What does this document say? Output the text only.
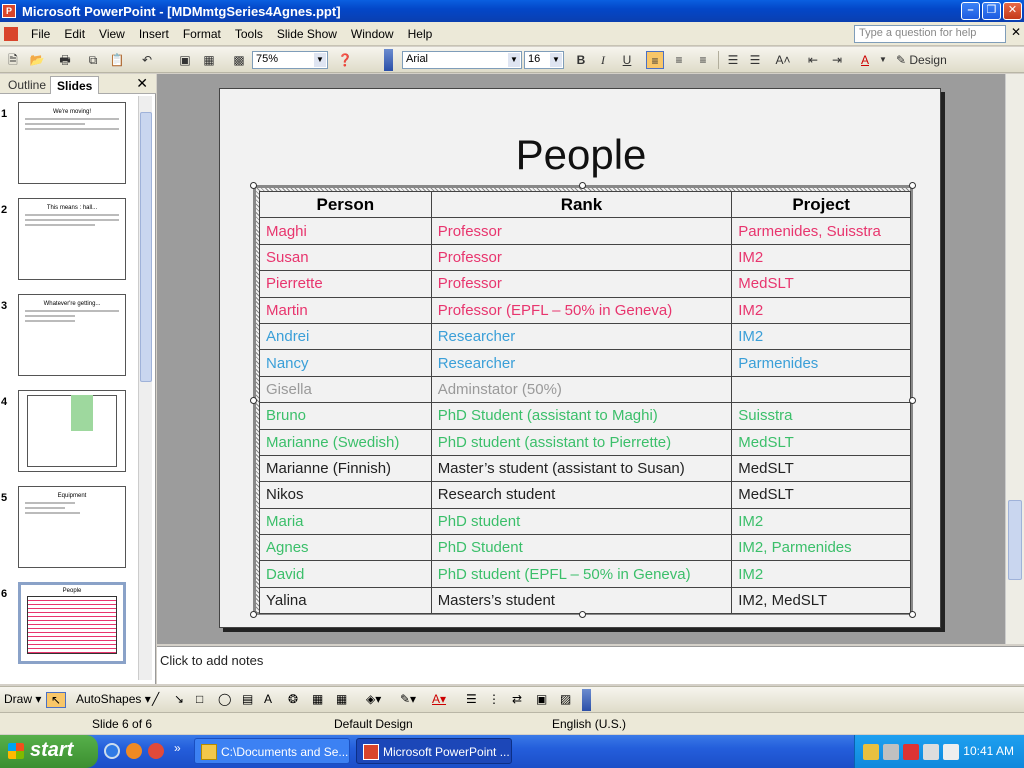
P Microsoft PowerPoint - [MDMmtgSeries4Agnes.ppt]	–	❐	✕
File	Edit	View	Insert	Format	Tools	Slide Show	Window	Help	Type a question for help	✕
🗎 📂 🖶	⧉	📋	↶	▣ ▦ ▩	75%	▼ ❓	Arial	▼ 16 ▼	B	I	U	≡	≡	≡	☰ ☰	A˄	⇤	⇥	A	▼ ✎ Design
Outline Slides	✕
1	We're moving!
2	This means : hall...
3	Whatever're getting...
4
5	Equipment
6	People
People
Person	Rank	Project
Maghi	Professor	Parmenides, Suisstra
Susan	Professor	IM2
Pierrette	Professor	MedSLT
Martin	Professor (EPFL – 50% in Geneva)	IM2
Andrei	Researcher	IM2
Nancy	Researcher	Parmenides
Gisella	Adminstator (50%)	
Bruno	PhD Student (assistant to Maghi)	Suisstra
Marianne (Swedish)	PhD student (assistant to Pierrette)	MedSLT
Marianne (Finnish)	Master’s student (assistant to Susan)	MedSLT
Nikos	Research student	MedSLT
Maria	PhD student	IM2
Agnes	PhD Student	IM2, Parmenides
David	PhD student (EPFL – 50% in Geneva)	IM2
Yalina	Masters’s student	IM2, MedSLT
Click to add notes
Draw ▾ ↖	AutoShapes ▾ ╱ ↘ □ ◯ ▤ A ❂ ▦ ▦ ◈▾ ✎▾ A▾ ☰ ⋮ ⇄ ▣ ▨
Slide 6 of 6	Default Design	English (U.S.)
start	»	C:\Documents and Se...	Microsoft PowerPoint ...	10:41 AM
